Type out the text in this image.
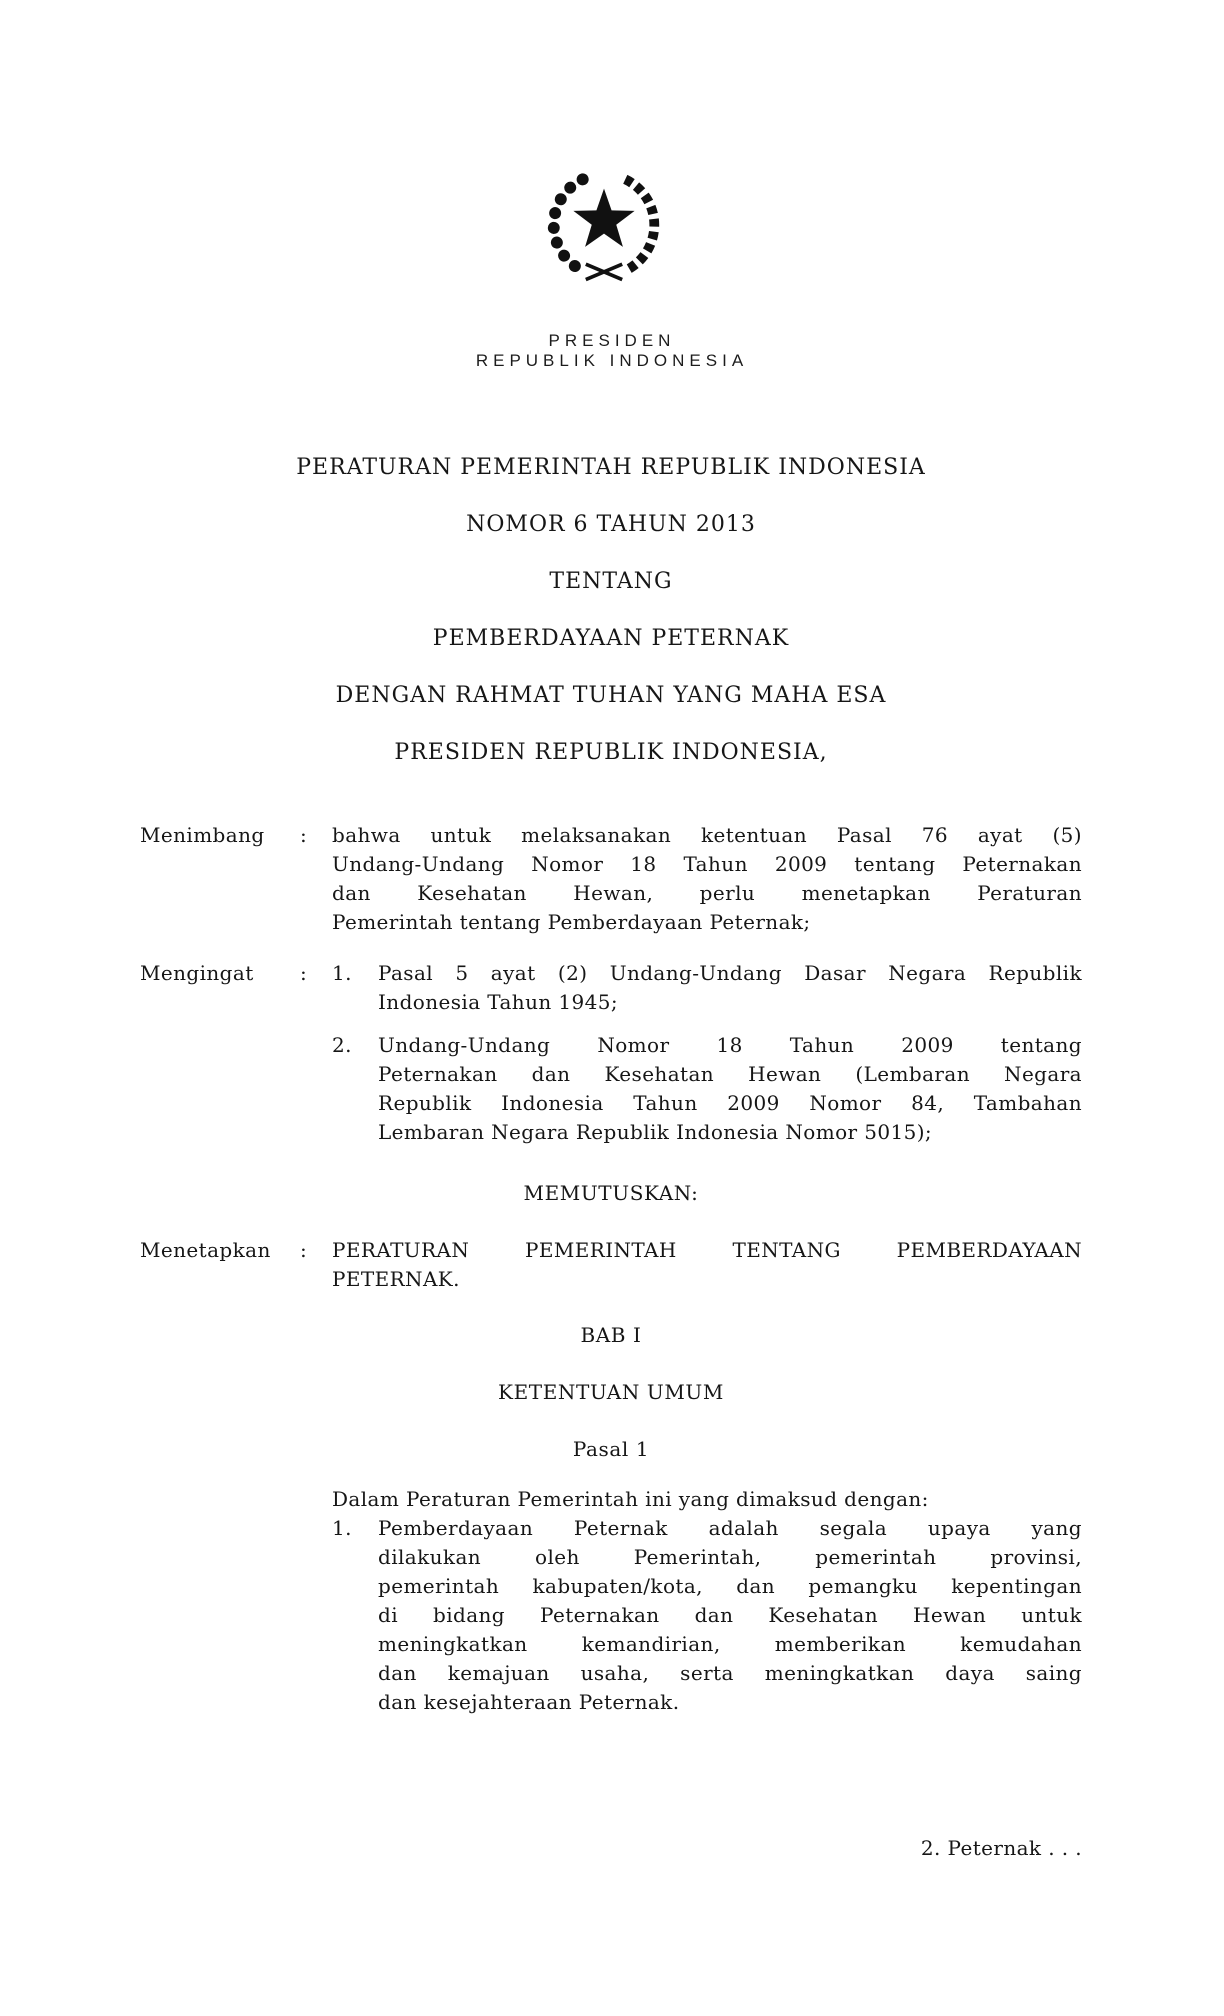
PRESIDEN
REPUBLIK INDONESIA
PERATURAN PEMERINTAH REPUBLIK INDONESIA
NOMOR 6 TAHUN 2013
TENTANG
PEMBERDAYAAN PETERNAK
DENGAN RAHMAT TUHAN YANG MAHA ESA
PRESIDEN REPUBLIK INDONESIA,
Menimbang	:	bahwa untuk melaksanakan ketentuan Pasal 76 ayat (5)
Undang-Undang Nomor 18 Tahun 2009 tentang Peternakan
dan Kesehatan Hewan, perlu menetapkan Peraturan
Pemerintah tentang Pemberdayaan Peternak;
Mengingat	:	1.	Pasal 5 ayat (2) Undang-Undang Dasar Negara Republik
Indonesia Tahun 1945;
2.	Undang-Undang Nomor 18 Tahun 2009 tentang
Peternakan dan Kesehatan Hewan (Lembaran Negara
Republik Indonesia Tahun 2009 Nomor 84, Tambahan
Lembaran Negara Republik Indonesia Nomor 5015);
MEMUTUSKAN:
Menetapkan	:	PERATURAN PEMERINTAH TENTANG PEMBERDAYAAN
PETERNAK.
BAB I
KETENTUAN UMUM
Pasal 1
Dalam Peraturan Pemerintah ini yang dimaksud dengan:
1.	Pemberdayaan Peternak adalah segala upaya yang
dilakukan oleh Pemerintah, pemerintah provinsi,
pemerintah kabupaten/kota, dan pemangku kepentingan
di bidang Peternakan dan Kesehatan Hewan untuk
meningkatkan kemandirian, memberikan kemudahan
dan kemajuan usaha, serta meningkatkan daya saing
dan kesejahteraan Peternak.
2. Peternak . . .
